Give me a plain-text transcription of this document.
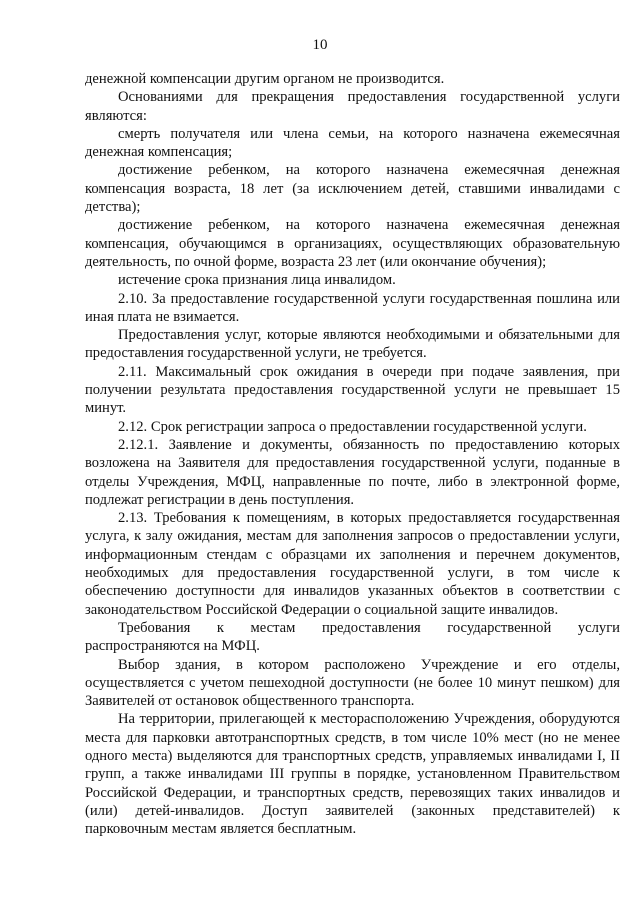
10

денежной компенсации другим органом не производится.

Основаниями для прекращения предоставления государственной услуги являются:

смерть получателя или члена семьи, на которого назначена ежемесячная денежная компенсация;

достижение ребенком, на которого назначена ежемесячная денежная компенсация возраста, 18 лет (за исключением детей, ставшими инвалидами с детства);

достижение ребенком, на которого назначена ежемесячная денежная компенсация, обучающимся в организациях, осуществляющих образовательную деятельность, по очной форме, возраста 23 лет (или окончание обучения);

истечение срока признания лица инвалидом.

2.10. За предоставление государственной услуги государственная пошлина или иная плата не взимается.

Предоставления услуг, которые являются необходимыми и обязательными для предоставления государственной услуги, не требуется.

2.11. Максимальный срок ожидания в очереди при подаче заявления, при получении результата предоставления государственной услуги не превышает 15 минут.

2.12. Срок регистрации запроса о предоставлении государственной услуги.

2.12.1. Заявление и документы, обязанность по предоставлению которых возложена на Заявителя для предоставления государственной услуги, поданные в отделы Учреждения, МФЦ, направленные по почте, либо в электронной форме, подлежат регистрации в день поступления.

2.13. Требования к помещениям, в которых предоставляется государственная услуга, к залу ожидания, местам для заполнения запросов о предоставлении услуги, информационным стендам с образцами их заполнения и перечнем документов, необходимых для предоставления государственной услуги, в том числе к обеспечению доступности для инвалидов указанных объектов в соответствии с законодательством Российской Федерации о социальной защите инвалидов.

Требования к местам предоставления государственной услуги распространяются на МФЦ.

Выбор здания, в котором расположено Учреждение и его отделы, осуществляется с учетом пешеходной доступности (не более 10 минут пешком) для Заявителей от остановок общественного транспорта.

На территории, прилегающей к месторасположению Учреждения, оборудуются места для парковки автотранспортных средств, в том числе 10% мест (но не менее одного места) выделяются для транспортных средств, управляемых инвалидами I, II групп, а также инвалидами III группы в порядке, установленном Правительством Российской Федерации, и транспортных средств, перевозящих таких инвалидов и (или) детей-инвалидов. Доступ заявителей (законных представителей) к парковочным местам является бесплатным.
